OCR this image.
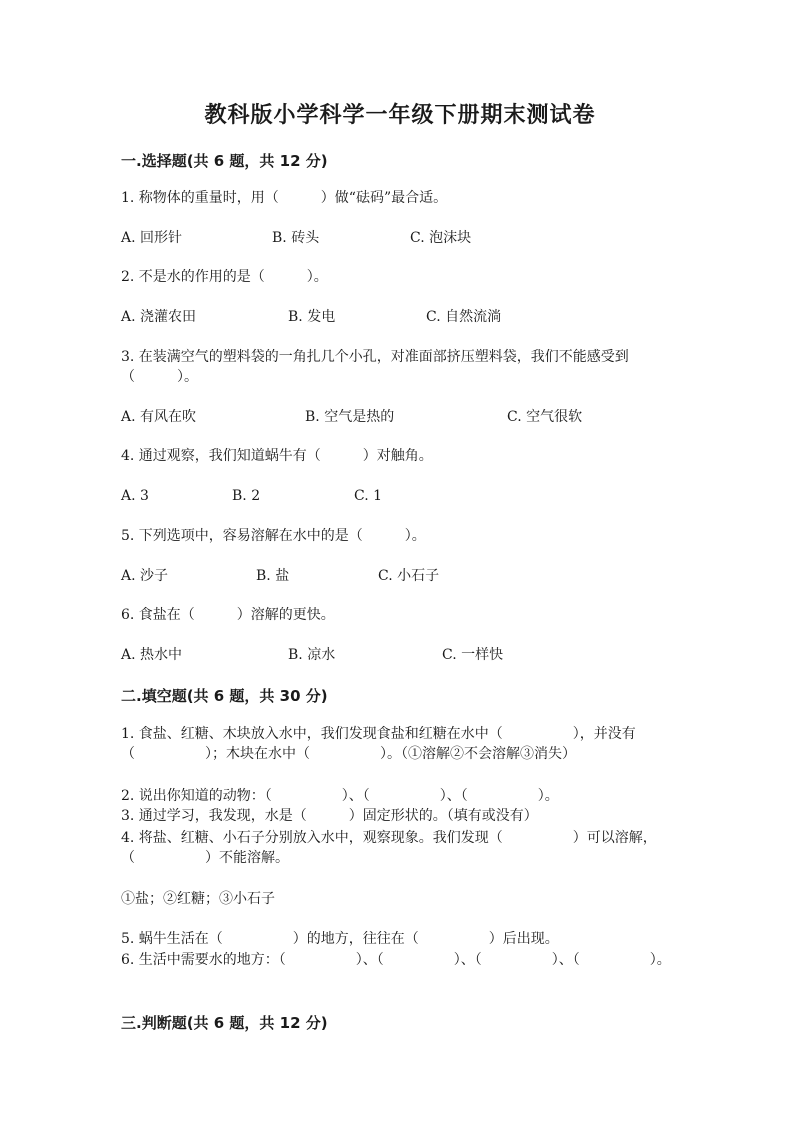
教科版小学科学一年级下册期末测试卷
一.选择题(共 6 题，共 12 分)
1. 称物体的重量时，用（　　　）做“砝码”最合适。
A. 回形针	B. 砖头	C. 泡沫块
2. 不是水的作用的是（　　　）。
A. 浇灌农田	B. 发电	C. 自然流淌
3. 在装满空气的塑料袋的一角扎几个小孔，对准面部挤压塑料袋，我们不能感受到（　　　）。
A. 有风在吹	B. 空气是热的	C. 空气很软
4. 通过观察，我们知道蜗牛有（　　　）对触角。
A. 3	B. 2	C. 1
5. 下列选项中，容易溶解在水中的是（　　　）。
A. 沙子	B. 盐	C. 小石子
6. 食盐在（　　　）溶解的更快。
A. 热水中	B. 凉水	C. 一样快
二.填空题(共 6 题，共 30 分)
1. 食盐、红糖、木块放入水中，我们发现食盐和红糖在水中（　　　　　），并没有（　　　　　）；木块在水中（　　　　　）。（①溶解②不会溶解③消失）
2. 说出你知道的动物：（　　　　　）、（　　　　　）、（　　　　　）。
3. 通过学习，我发现，水是（　　　）固定形状的。（填有或没有）
4. 将盐、红糖、小石子分别放入水中，观察现象。我们发现（　　　　　）可以溶解，（　　　　　）不能溶解。
①盐；②红糖；③小石子
5. 蜗牛生活在（　　　　　）的地方，往往在（　　　　　）后出现。
6. 生活中需要水的地方：（　　　　　）、（　　　　　）、（　　　　　）、（　　　　　）。
三.判断题(共 6 题，共 12 分)
